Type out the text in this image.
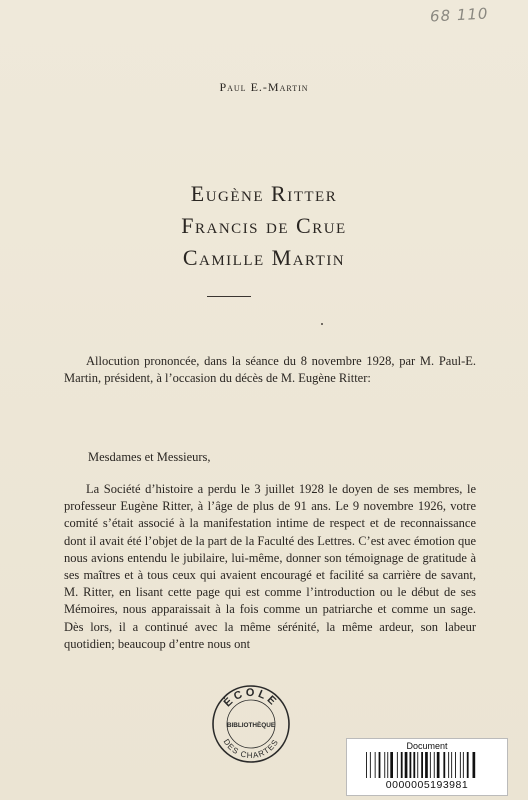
68 110
Paul E.-Martin
Eugène Ritter
Francis de Crue
Camille Martin
Allocution prononcée, dans la séance du 8 novembre 1928, par M. Paul-E. Martin, président, à l’occasion du décès de M. Eugène Ritter:
Mesdames et Messieurs,
La Société d’histoire a perdu le 3 juillet 1928 le doyen de ses membres, le professeur Eugène Ritter, à l’âge de plus de 91 ans. Le 9 novembre 1926, votre comité s’était associé à la manifestation intime de respect et de reconnaissance dont il avait été l’objet de la part de la Faculté des Lettres. C’est avec émotion que nous avions entendu le jubilaire, lui-même, donner son témoignage de gratitude à ses maîtres et à tous ceux qui avaient encouragé et facilité sa carrière de savant, M. Ritter, en lisant cette page qui est comme l’introduction ou le début de ses Mémoires, nous apparaissait à la fois comme un patriarche et comme un sage. Dès lors, il a continué avec la même sérénité, la même ardeur, son labeur quotidien; beaucoup d’entre nous ont
ÉCOLE
BIBLIOTHÈQUE
DES CHARTES	Document
0000005193981
